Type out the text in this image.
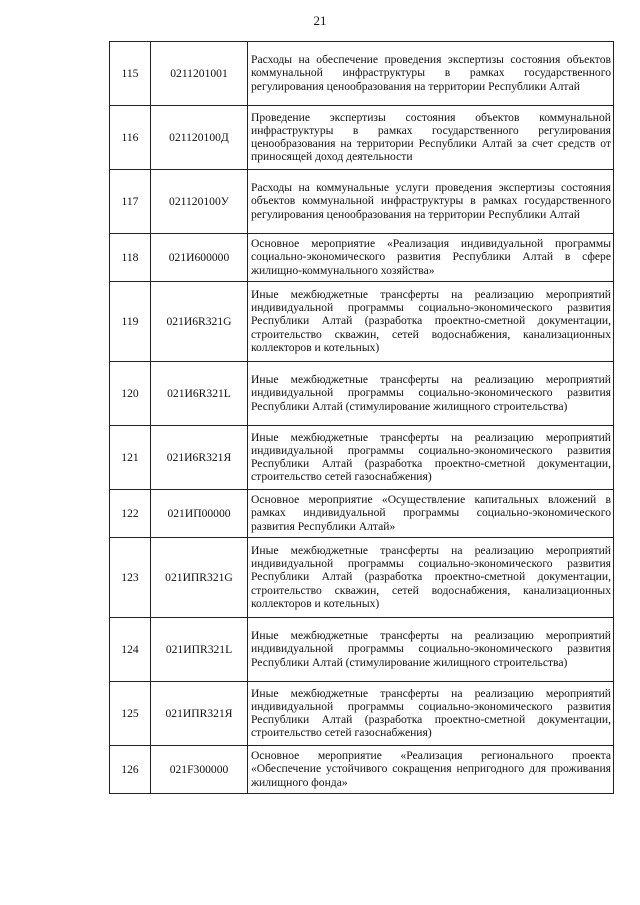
21
115	0211201001	Расходы на обеспечение проведения экспертизы состояния объектов коммунальной инфраструктуры в рамках государственного регулирования ценообразования на территории Республики Алтай
116	021120100Д	Проведение экспертизы состояния объектов коммунальной инфраструктуры в рамках государственного регулирования ценообразования на территории Республики Алтай за счет средств от приносящей доход деятельности
117	021120100У	Расходы на коммунальные услуги проведения экспертизы состояния объектов коммунальной инфраструктуры в рамках государственного регулирования ценообразования на территории Республики Алтай
118	021И600000	Основное мероприятие «Реализация индивидуальной программы социально-экономического развития Республики Алтай в сфере жилищно-коммунального хозяйства»
119	021И6R321G	Иные межбюджетные трансферты на реализацию мероприятий индивидуальной программы социально-экономического развития Республики Алтай (разработка проектно-сметной документации, строительство скважин, сетей водоснабжения, канализационных коллекторов и котельных)
120	021И6R321L	Иные межбюджетные трансферты на реализацию мероприятий индивидуальной программы социально-экономического развития Республики Алтай (стимулирование жилищного строительства)
121	021И6R321Я	Иные межбюджетные трансферты на реализацию мероприятий индивидуальной программы социально-экономического развития Республики Алтай (разработка проектно-сметной документации, строительство сетей газоснабжения)
122	021ИП00000	Основное мероприятие «Осуществление капитальных вложений в рамках индивидуальной программы социально-экономического развития Республики Алтай»
123	021ИПR321G	Иные межбюджетные трансферты на реализацию мероприятий индивидуальной программы социально-экономического развития Республики Алтай (разработка проектно-сметной документации, строительство скважин, сетей водоснабжения, канализационных коллекторов и котельных)
124	021ИПR321L	Иные межбюджетные трансферты на реализацию мероприятий индивидуальной программы социально-экономического развития Республики Алтай (стимулирование жилищного строительства)
125	021ИПR321Я	Иные межбюджетные трансферты на реализацию мероприятий индивидуальной программы социально-экономического развития Республики Алтай (разработка проектно-сметной документации, строительство сетей газоснабжения)
126	021F300000	Основное мероприятие «Реализация регионального проекта «Обеспечение устойчивого сокращения непригодного для проживания жилищного фонда»
